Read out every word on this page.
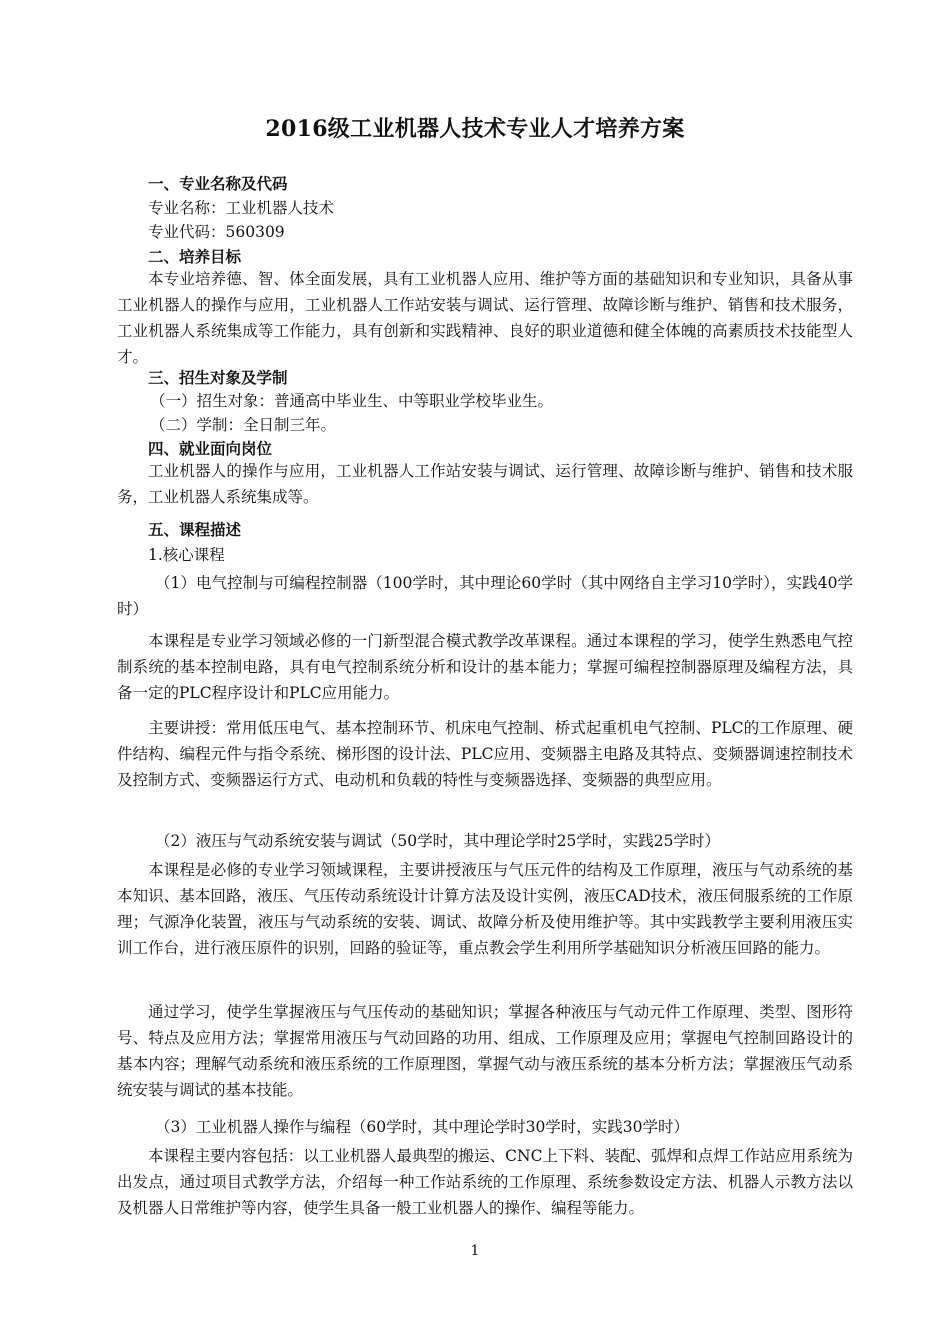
2016级工业机器人技术专业人才培养方案
一、专业名称及代码
专业名称：工业机器人技术
专业代码：560309
二、培养目标
本专业培养德、智、体全面发展，具有工业机器人应用、维护等方面的基础知识和专业知识，具备从事工业机器人的操作与应用，工业机器人工作站安装与调试、运行管理、故障诊断与维护、销售和技术服务，工业机器人系统集成等工作能力，具有创新和实践精神、良好的职业道德和健全体魄的高素质技术技能型人才。
三、招生对象及学制
（一）招生对象：普通高中毕业生、中等职业学校毕业生。
（二）学制：全日制三年。
四、就业面向岗位
工业机器人的操作与应用，工业机器人工作站安装与调试、运行管理、故障诊断与维护、销售和技术服务，工业机器人系统集成等。
五、课程描述
1.核心课程
（1）电气控制与可编程控制器（100学时，其中理论60学时（其中网络自主学习10学时），实践40学时）
本课程是专业学习领域必修的一门新型混合模式教学改革课程。通过本课程的学习，使学生熟悉电气控制系统的基本控制电路，具有电气控制系统分析和设计的基本能力；掌握可编程控制器原理及编程方法，具备一定的PLC程序设计和PLC应用能力。
主要讲授：常用低压电气、基本控制环节、机床电气控制、桥式起重机电气控制、PLC的工作原理、硬件结构、编程元件与指令系统、梯形图的设计法、PLC应用、变频器主电路及其特点、变频器调速控制技术及控制方式、变频器运行方式、电动机和负载的特性与变频器选择、变频器的典型应用。
（2）液压与气动系统安装与调试（50学时，其中理论学时25学时，实践25学时）
本课程是必修的专业学习领域课程，主要讲授液压与气压元件的结构及工作原理，液压与气动系统的基本知识、基本回路，液压、气压传动系统设计计算方法及设计实例，液压CAD技术，液压伺服系统的工作原理；气源净化装置，液压与气动系统的安装、调试、故障分析及使用维护等。其中实践教学主要利用液压实训工作台，进行液压原件的识别，回路的验证等，重点教会学生利用所学基础知识分析液压回路的能力。
通过学习，使学生掌握液压与气压传动的基础知识；掌握各种液压与气动元件工作原理、类型、图形符号、特点及应用方法；掌握常用液压与气动回路的功用、组成、工作原理及应用；掌握电气控制回路设计的基本内容；理解气动系统和液压系统的工作原理图，掌握气动与液压系统的基本分析方法；掌握液压气动系统安装与调试的基本技能。
（3）工业机器人操作与编程（60学时，其中理论学时30学时，实践30学时）
本课程主要内容包括：以工业机器人最典型的搬运、CNC上下料、装配、弧焊和点焊工作站应用系统为出发点，通过项目式教学方法，介绍每一种工作站系统的工作原理、系统参数设定方法、机器人示教方法以及机器人日常维护等内容，使学生具备一般工业机器人的操作、编程等能力。
1
